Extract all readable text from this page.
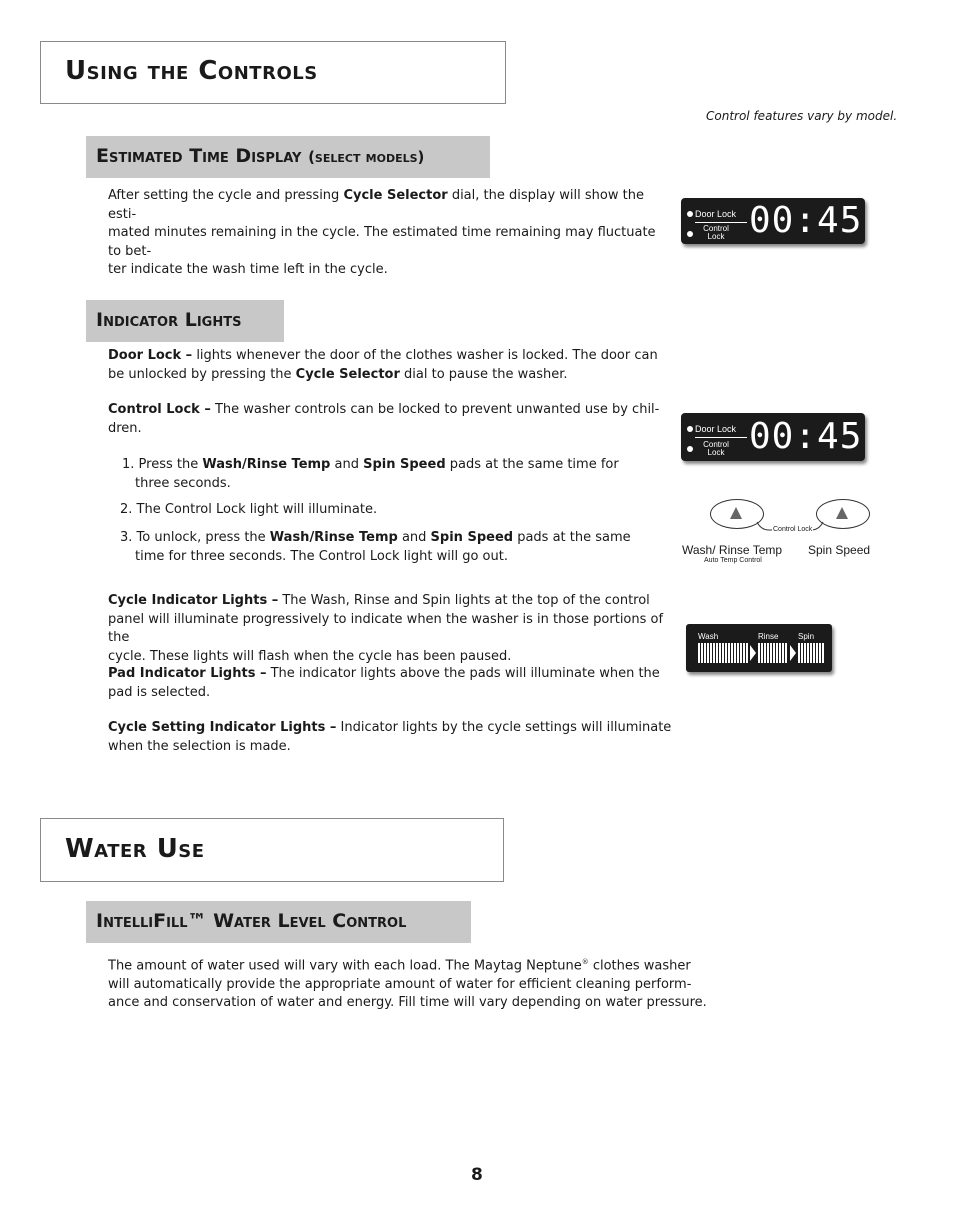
Using the Controls
Control features vary by model.
Estimated Time Display (select models)
After setting the cycle and pressing Cycle Selector dial, the display will show the esti-
mated minutes remaining in the cycle. The estimated time remaining may fluctuate to bet-
ter indicate the wash time left in the cycle.
Door Lock
Control
Lock 00:45
Indicator Lights
Door Lock – lights whenever the door of the clothes washer is locked. The door can
be unlocked by pressing the Cycle Selector dial to pause the washer.
Control Lock – The washer controls can be locked to prevent unwanted use by chil-
dren.
1. Press the Wash/Rinse Temp and Spin Speed pads at the same time for
three seconds.
2. The Control Lock light will illuminate.
3. To unlock, press the Wash/Rinse Temp and Spin Speed pads at the same
time for three seconds. The Control Lock light will go out.
Door Lock
Control
Lock 00:45
Control Lock
Wash/ Rinse Temp
Auto Temp Control
Spin Speed
Wash	Rinse Spin
Cycle Indicator Lights – The Wash, Rinse and Spin lights at the top of the control
panel will illuminate progressively to indicate when the washer is in those portions of the
cycle. These lights will flash when the cycle has been paused.
Pad Indicator Lights – The indicator lights above the pads will illuminate when the
pad is selected.
Cycle Setting Indicator Lights – Indicator lights by the cycle settings will illuminate
when the selection is made.
Water Use
IntelliFill™ Water Level Control
The amount of water used will vary with each load. The Maytag Neptune® clothes washer
will automatically provide the appropriate amount of water for efficient cleaning perform-
ance and conservation of water and energy. Fill time will vary depending on water pressure.
8
